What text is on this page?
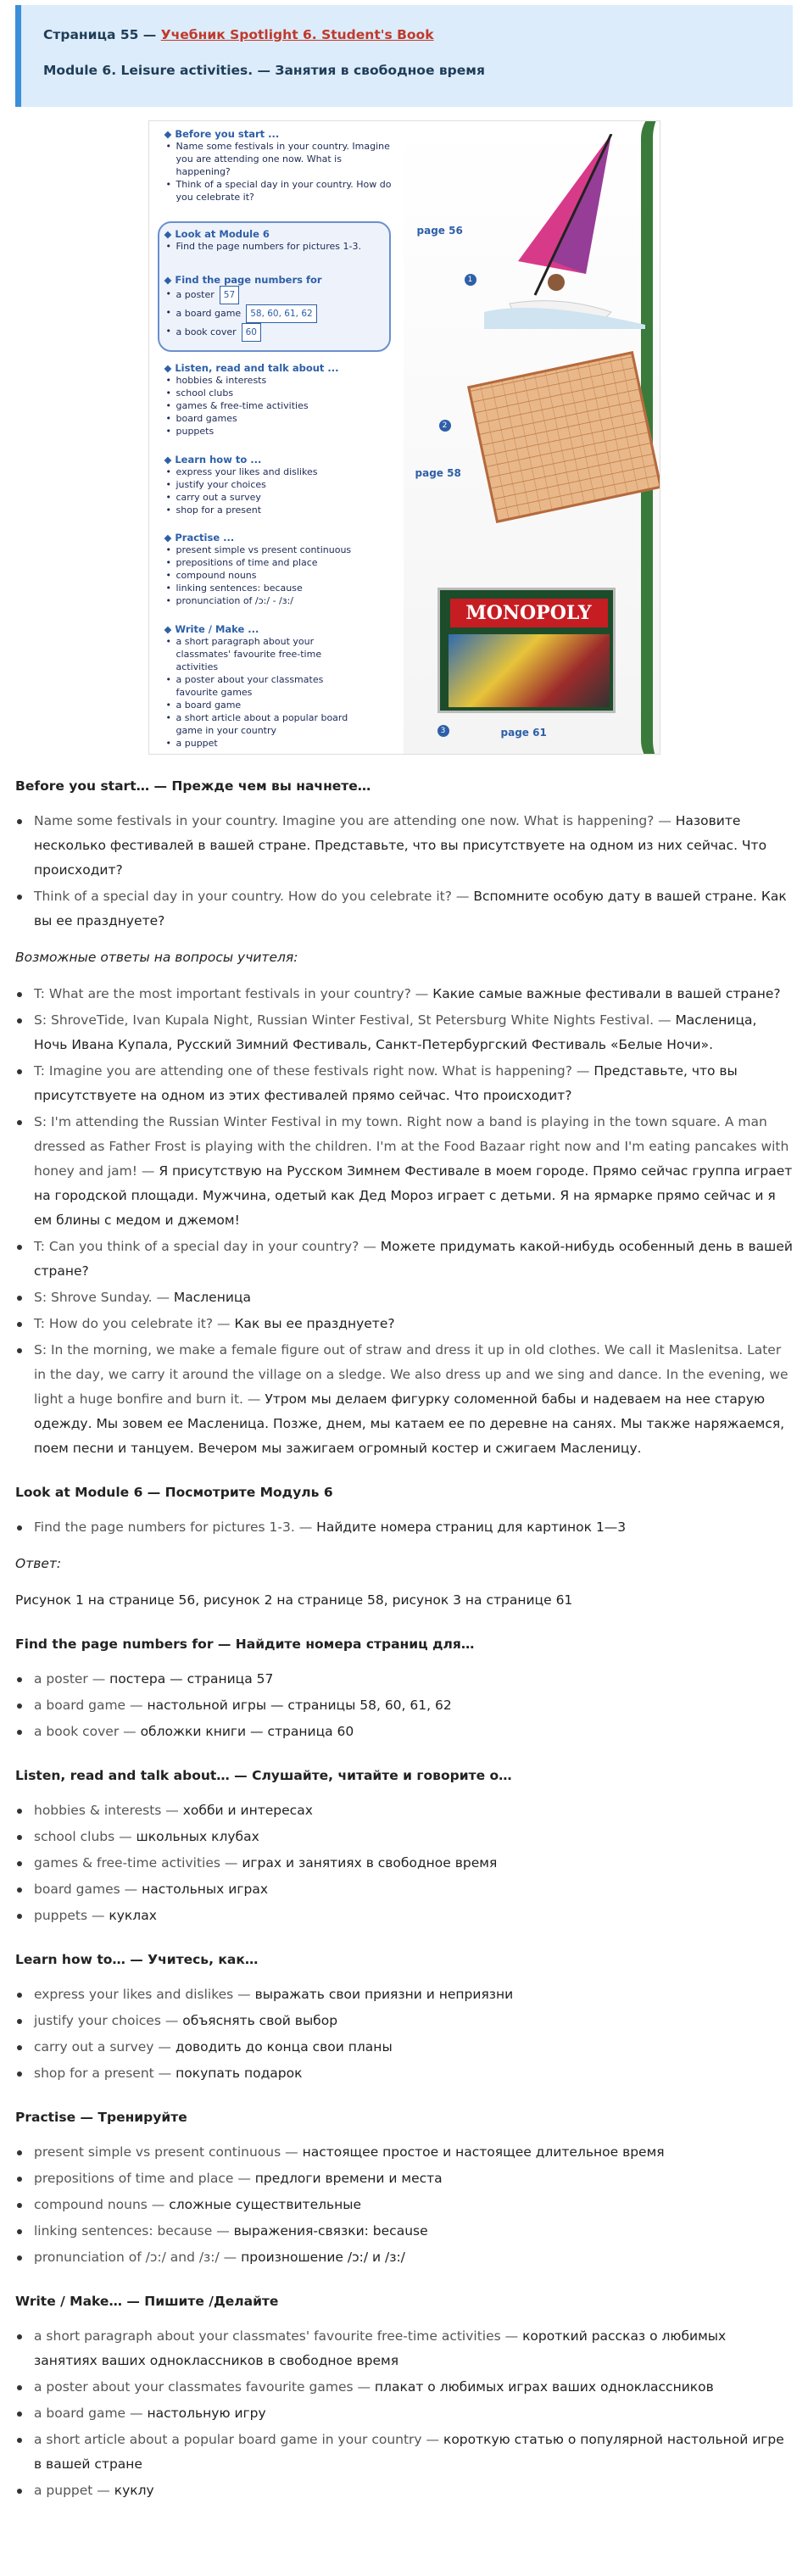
Страница 55 — Учебник Spotlight 6. Student's Book
Module 6. Leisure activities. — Занятия в свободное время
◆ Before you start ...
• Name some festivals in your country. Imagine you are attending one now. What is happening?
• Think of a special day in your country. How do you celebrate it?
◆ Look at Module 6
• Find the page numbers for pictures 1-3.
◆ Find the page numbers for
• a poster 57
• a board game 58, 60, 61, 62
• a book cover 60
◆ Listen, read and talk about ...
• hobbies & interests
• school clubs
• games & free-time activities
• board games
• puppets
◆ Learn how to ...
• express your likes and dislikes
• justify your choices
• carry out a survey
• shop for a present
◆ Practise ...
• present simple vs present continuous
• prepositions of time and place
• compound nouns
• linking sentences: because
• pronunciation of /ɔ:/ - /ɜ:/
◆ Write / Make ...
• a short paragraph about your classmates' favourite free-time activities
• a poster about your classmates favourite games
• a board game
• a short article about a popular board game in your country
• a puppet
page 56
1
page 58
2
MONOPOLY
3	page 61
Before you start… — Прежде чем вы начнете…
Name some festivals in your country. Imagine you are attending one now. What is happening? — Назовите несколько фестивалей в вашей стране. Представьте, что вы присутствуете на одном из них сейчас. Что происходит?
Think of a special day in your country. How do you celebrate it? — Вспомните особую дату в вашей стране. Как вы ее празднуете?

Возможные ответы на вопросы учителя:

T: What are the most important festivals in your country? — Какие самые важные фестивали в вашей стране?
S: ShroveTide, Ivan Kupala Night, Russian Winter Festival, St Petersburg White Nights Festival. — Масленица, Ночь Ивана Купала, Русский Зимний Фестиваль, Санкт-Петербургский Фестиваль «Белые Ночи».
T: Imagine you are attending one of these festivals right now. What is happening? — Представьте, что вы присутствуете на одном из этих фестивалей прямо сейчас. Что происходит?
S: I'm attending the Russian Winter Festival in my town. Right now a band is playing in the town square. A man dressed as Father Frost is playing with the children. I'm at the Food Bazaar right now and I'm eating pancakes with honey and jam! — Я присутствую на Русском Зимнем Фестивале в моем городе. Прямо сейчас группа играет на городской площади. Мужчина, одетый как Дед Мороз играет с детьми. Я на ярмарке прямо сейчас и я ем блины с медом и джемом!
T: Can you think of a special day in your country? — Можете придумать какой-нибудь особенный день в вашей стране?
S: Shrove Sunday. — Масленица
T: How do you celebrate it? — Как вы ее празднуете?
S: In the morning, we make a female figure out of straw and dress it up in old clothes. We call it Maslenitsa. Later in the day, we carry it around the village on a sledge. We also dress up and we sing and dance. In the evening, we light a huge bonfire and burn it. — Утром мы делаем фигурку соломенной бабы и надеваем на нее старую одежду. Мы зовем ее Масленица. Позже, днем, мы катаем ее по деревне на санях. Мы также наряжаемся, поем песни и танцуем. Вечером мы зажигаем огромный костер и сжигаем Масленицу.
Look at Module 6 — Посмотрите Модуль 6
Find the page numbers for pictures 1-3. — Найдите номера страниц для картинок 1—3

Ответ:

Рисунок 1 на странице 56, рисунок 2 на странице 58, рисунок 3 на странице 61

Find the page numbers for — Найдите номера страниц для…
a poster — постера — страница 57
a board game — настольной игры — страницы 58, 60, 61, 62
a book cover — обложки книги — страница 60
Listen, read and talk about… — Слушайте, читайте и говорите о…
hobbies & interests — хобби и интересах
school clubs — школьных клубах
games & free-time activities — играх и занятиях в свободное время
board games — настольных играх
puppets — куклах
Learn how to… — Учитесь, как…
express your likes and dislikes — выражать свои приязни и неприязни
justify your choices — объяснять свой выбор
carry out a survey — доводить до конца свои планы
shop for a present — покупать подарок
Practise — Тренируйте
present simple vs present continuous — настоящее простое и настоящее длительное время
prepositions of time and place — предлоги времени и места
compound nouns — сложные существительные
linking sentences: because — выражения-связки: because
pronunciation of /ɔ:/ and /ɜ:/ — произношение /ɔ:/ и /ɜ:/
Write / Make… — Пишите /Делайте
a short paragraph about your classmates' favourite free-time activities — короткий рассказ о любимых занятиях ваших одноклассников в свободное время
a poster about your classmates favourite games — плакат о любимых играх ваших одноклассников
a board game — настольную игру
a short article about a popular board game in your country — короткую статью о популярной настольной игре в вашей стране
a puppet — куклу
